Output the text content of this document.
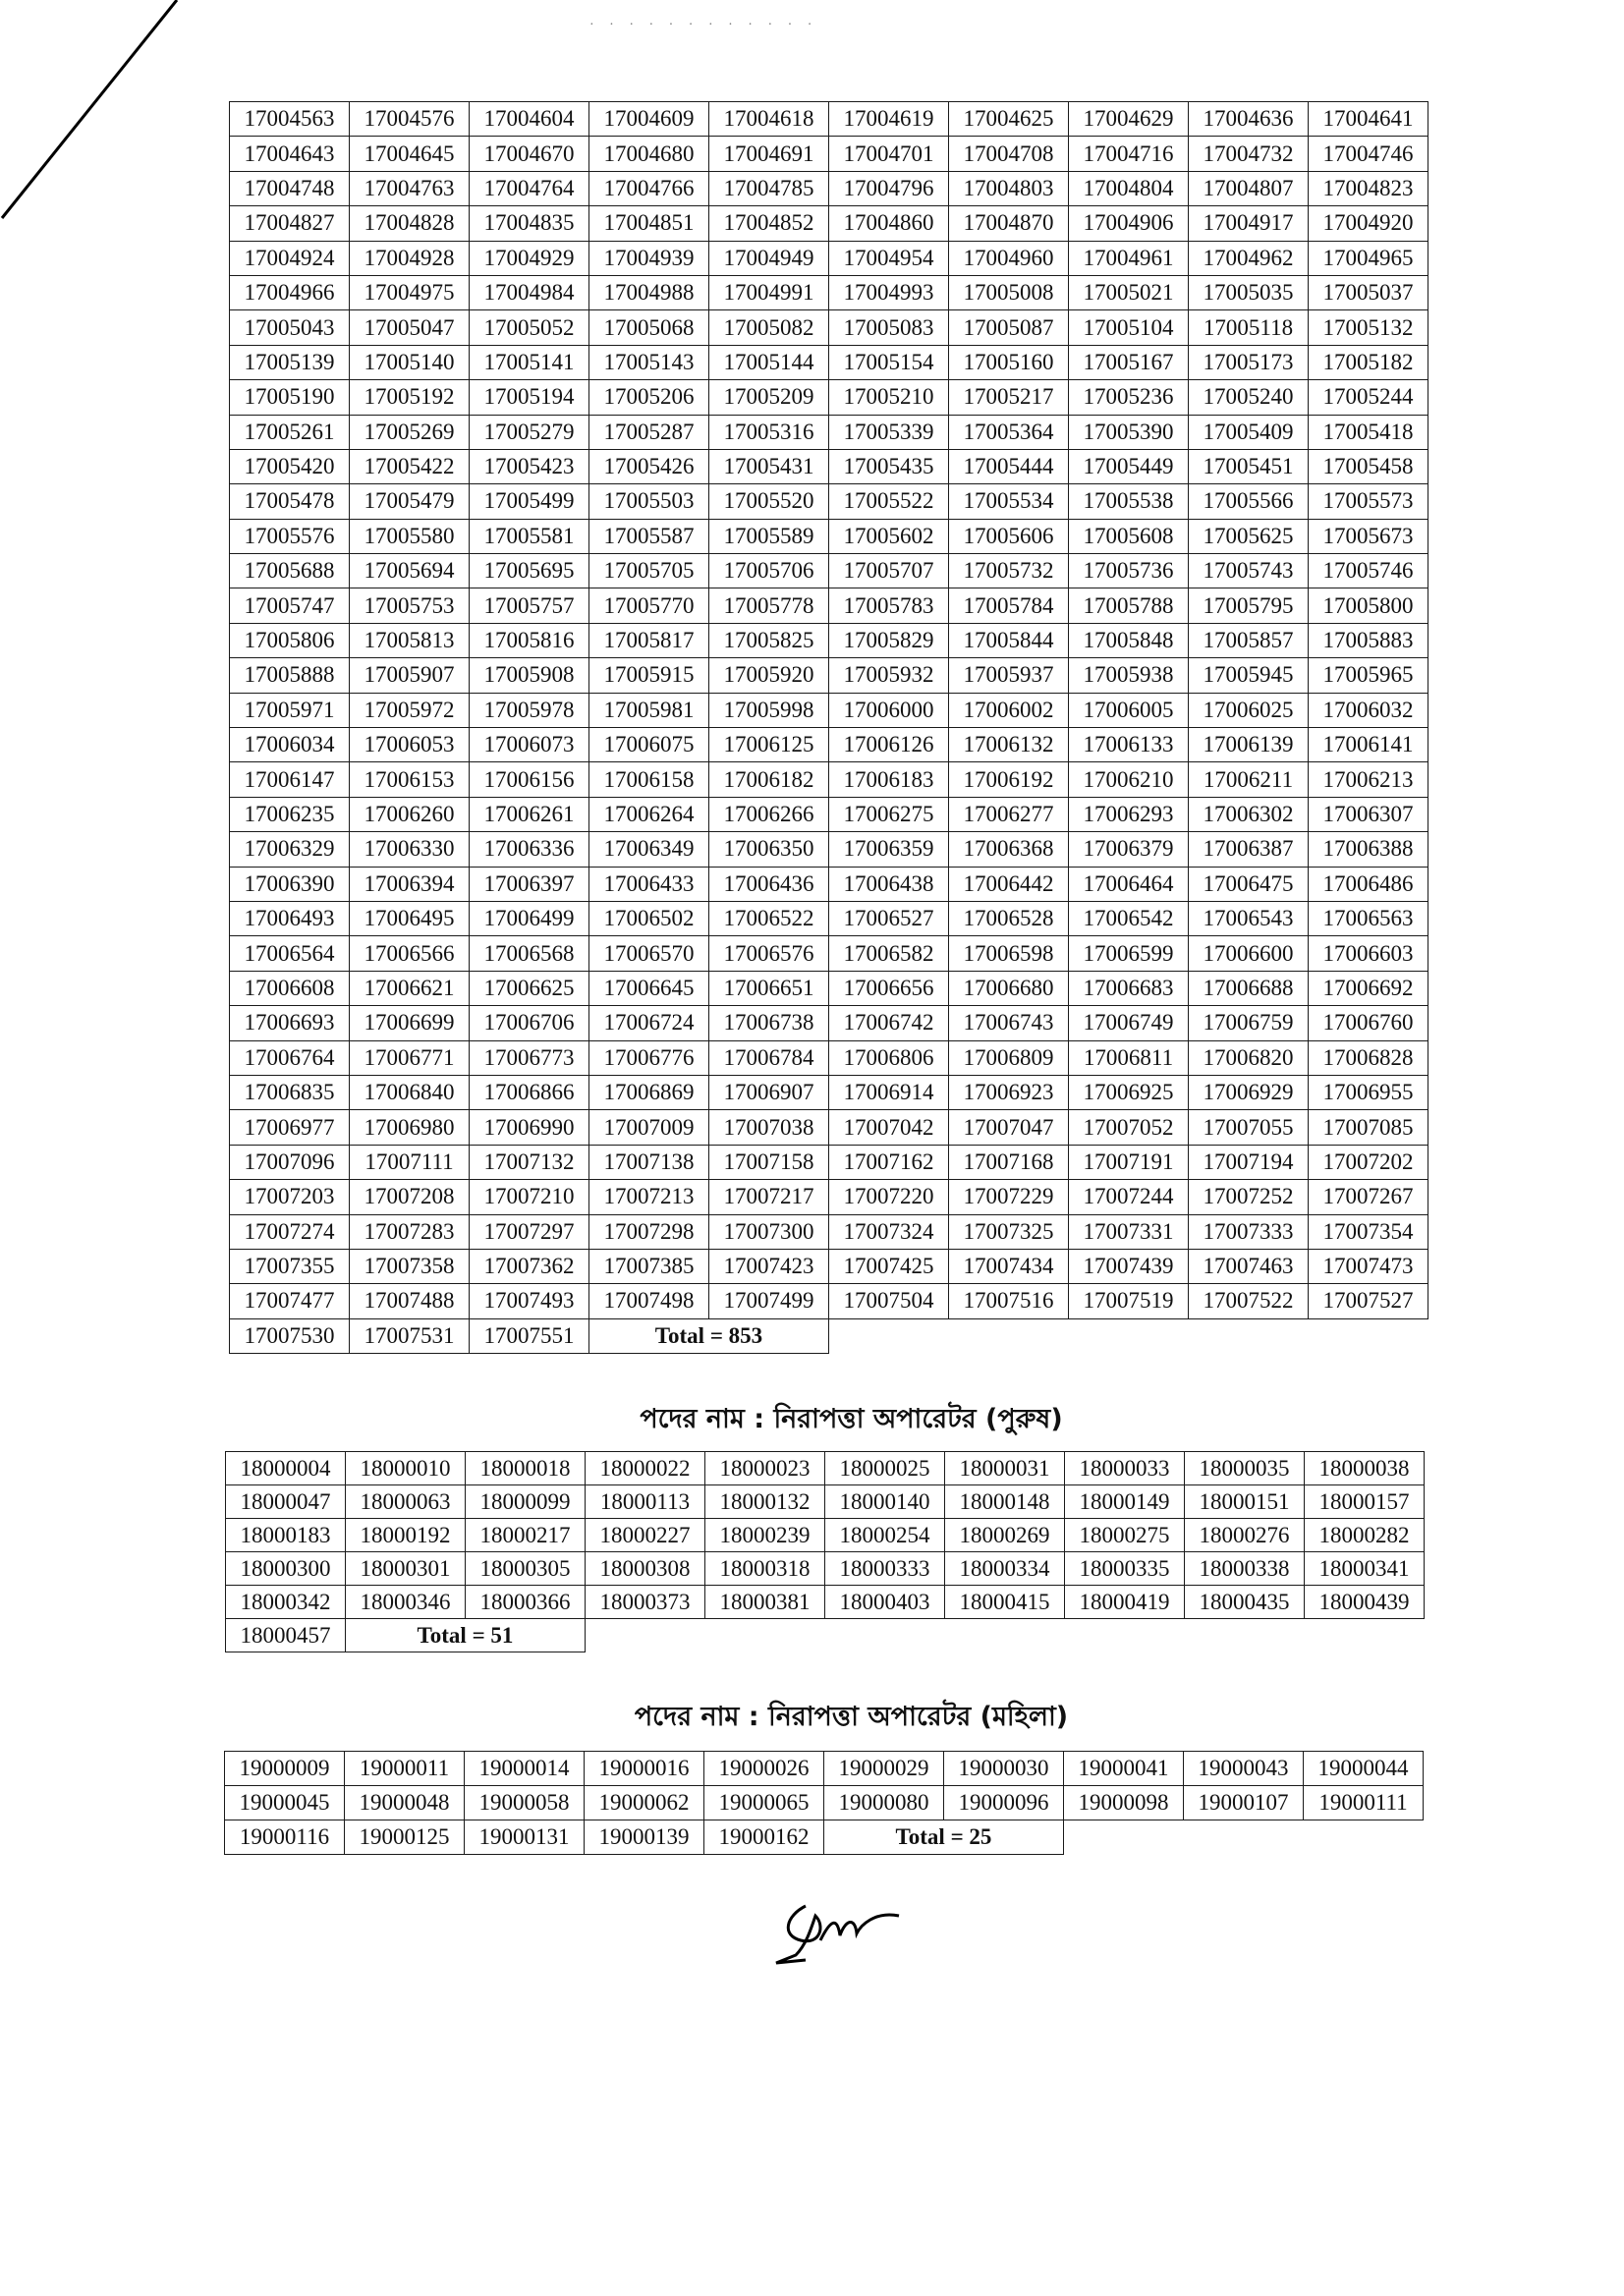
· · · · · · · · · · · ·
17004563	17004576	17004604	17004609	17004618	17004619	17004625	17004629	17004636	17004641
17004643	17004645	17004670	17004680	17004691	17004701	17004708	17004716	17004732	17004746
17004748	17004763	17004764	17004766	17004785	17004796	17004803	17004804	17004807	17004823
17004827	17004828	17004835	17004851	17004852	17004860	17004870	17004906	17004917	17004920
17004924	17004928	17004929	17004939	17004949	17004954	17004960	17004961	17004962	17004965
17004966	17004975	17004984	17004988	17004991	17004993	17005008	17005021	17005035	17005037
17005043	17005047	17005052	17005068	17005082	17005083	17005087	17005104	17005118	17005132
17005139	17005140	17005141	17005143	17005144	17005154	17005160	17005167	17005173	17005182
17005190	17005192	17005194	17005206	17005209	17005210	17005217	17005236	17005240	17005244
17005261	17005269	17005279	17005287	17005316	17005339	17005364	17005390	17005409	17005418
17005420	17005422	17005423	17005426	17005431	17005435	17005444	17005449	17005451	17005458
17005478	17005479	17005499	17005503	17005520	17005522	17005534	17005538	17005566	17005573
17005576	17005580	17005581	17005587	17005589	17005602	17005606	17005608	17005625	17005673
17005688	17005694	17005695	17005705	17005706	17005707	17005732	17005736	17005743	17005746
17005747	17005753	17005757	17005770	17005778	17005783	17005784	17005788	17005795	17005800
17005806	17005813	17005816	17005817	17005825	17005829	17005844	17005848	17005857	17005883
17005888	17005907	17005908	17005915	17005920	17005932	17005937	17005938	17005945	17005965
17005971	17005972	17005978	17005981	17005998	17006000	17006002	17006005	17006025	17006032
17006034	17006053	17006073	17006075	17006125	17006126	17006132	17006133	17006139	17006141
17006147	17006153	17006156	17006158	17006182	17006183	17006192	17006210	17006211	17006213
17006235	17006260	17006261	17006264	17006266	17006275	17006277	17006293	17006302	17006307
17006329	17006330	17006336	17006349	17006350	17006359	17006368	17006379	17006387	17006388
17006390	17006394	17006397	17006433	17006436	17006438	17006442	17006464	17006475	17006486
17006493	17006495	17006499	17006502	17006522	17006527	17006528	17006542	17006543	17006563
17006564	17006566	17006568	17006570	17006576	17006582	17006598	17006599	17006600	17006603
17006608	17006621	17006625	17006645	17006651	17006656	17006680	17006683	17006688	17006692
17006693	17006699	17006706	17006724	17006738	17006742	17006743	17006749	17006759	17006760
17006764	17006771	17006773	17006776	17006784	17006806	17006809	17006811	17006820	17006828
17006835	17006840	17006866	17006869	17006907	17006914	17006923	17006925	17006929	17006955
17006977	17006980	17006990	17007009	17007038	17007042	17007047	17007052	17007055	17007085
17007096	17007111	17007132	17007138	17007158	17007162	17007168	17007191	17007194	17007202
17007203	17007208	17007210	17007213	17007217	17007220	17007229	17007244	17007252	17007267
17007274	17007283	17007297	17007298	17007300	17007324	17007325	17007331	17007333	17007354
17007355	17007358	17007362	17007385	17007423	17007425	17007434	17007439	17007463	17007473
17007477	17007488	17007493	17007498	17007499	17007504	17007516	17007519	17007522	17007527
17007530	17007531	17007551	Total = 853						
পদের নাম : নিরাপত্তা অপারেটর (পুরুষ)
18000004	18000010	18000018	18000022	18000023	18000025	18000031	18000033	18000035	18000038
18000047	18000063	18000099	18000113	18000132	18000140	18000148	18000149	18000151	18000157
18000183	18000192	18000217	18000227	18000239	18000254	18000269	18000275	18000276	18000282
18000300	18000301	18000305	18000308	18000318	18000333	18000334	18000335	18000338	18000341
18000342	18000346	18000366	18000373	18000381	18000403	18000415	18000419	18000435	18000439
18000457	Total = 51								
পদের নাম : নিরাপত্তা অপারেটর (মহিলা)
19000009	19000011	19000014	19000016	19000026	19000029	19000030	19000041	19000043	19000044
19000045	19000048	19000058	19000062	19000065	19000080	19000096	19000098	19000107	19000111
19000116	19000125	19000131	19000139	19000162	Total = 25				
